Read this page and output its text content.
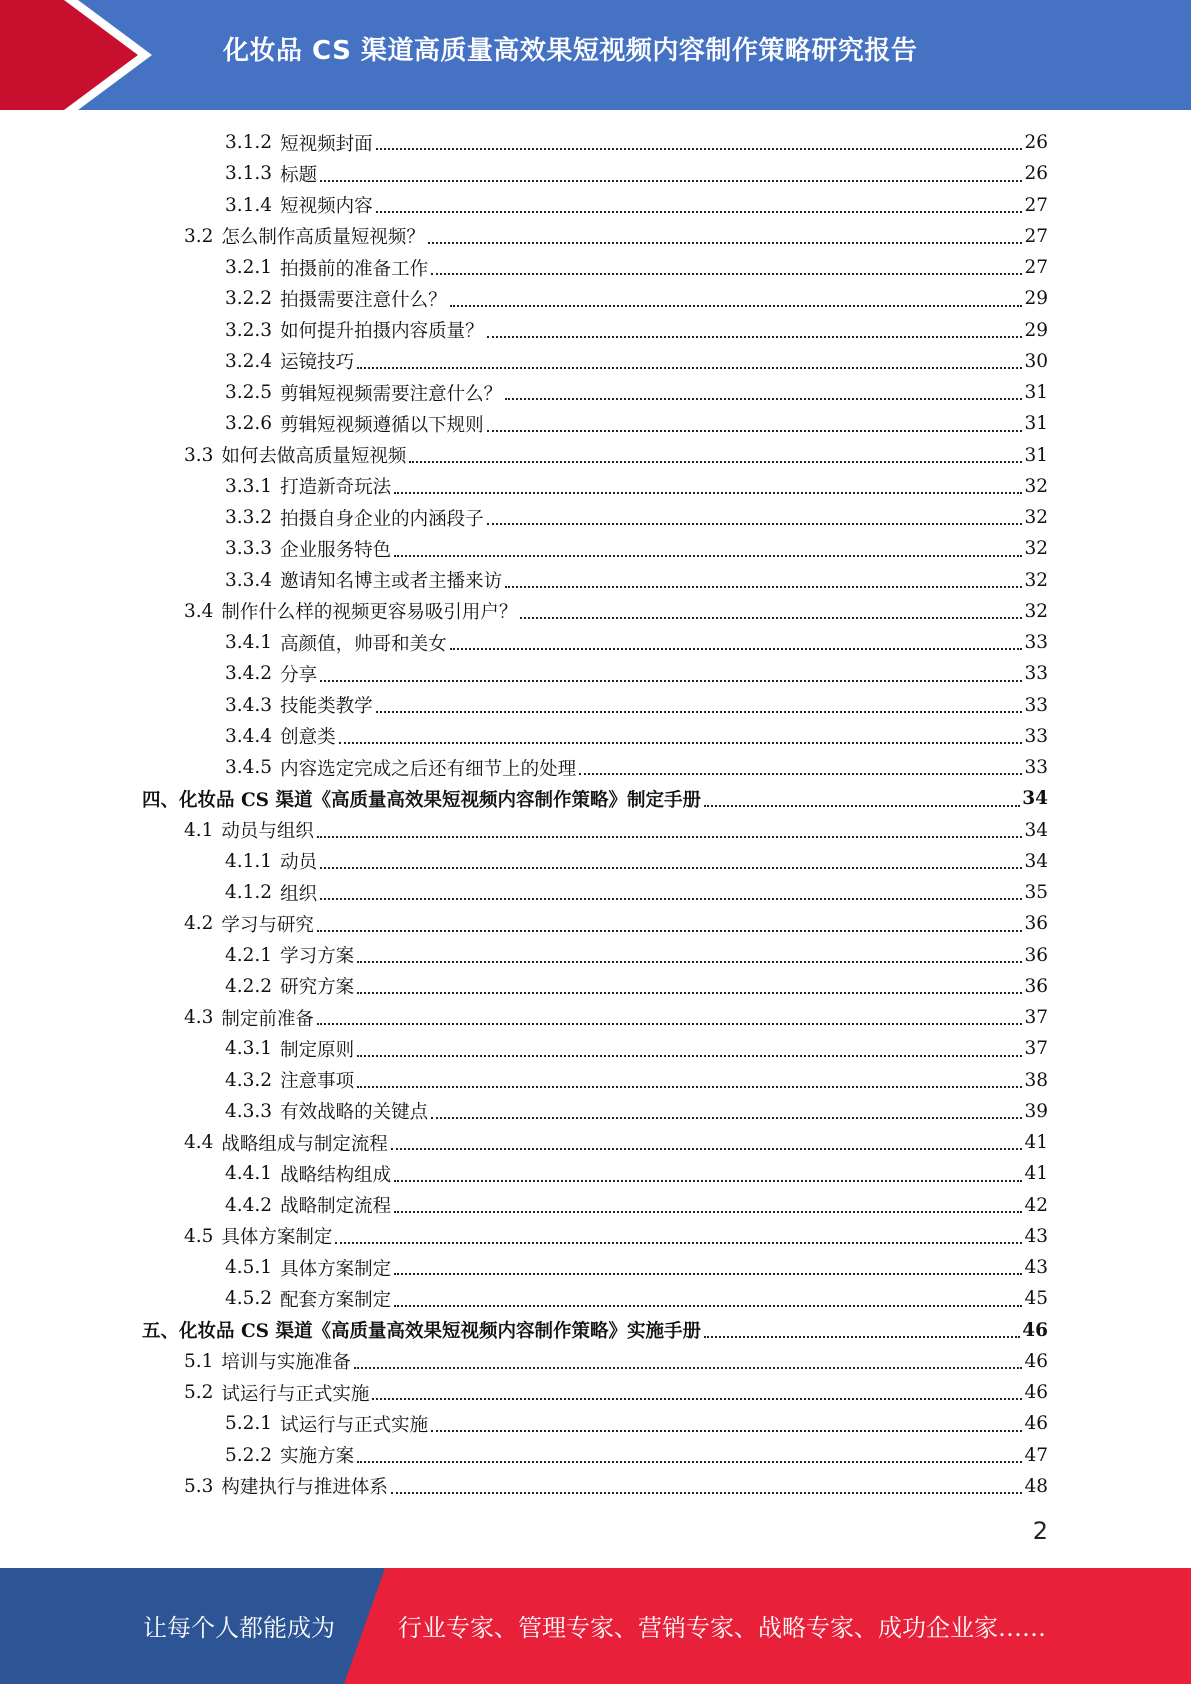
化妆品 CS 渠道高质量高效果短视频内容制作策略研究报告
3.1.2 短视频封面	26
3.1.3 标题	26
3.1.4 短视频内容	27
3.2 怎么制作高质量短视频？	27
3.2.1 拍摄前的准备工作	27
3.2.2 拍摄需要注意什么？	29
3.2.3 如何提升拍摄内容质量？	29
3.2.4 运镜技巧	30
3.2.5 剪辑短视频需要注意什么？	31
3.2.6 剪辑短视频遵循以下规则	31
3.3 如何去做高质量短视频	31
3.3.1 打造新奇玩法	32
3.3.2 拍摄自身企业的内涵段子	32
3.3.3 企业服务特色	32
3.3.4 邀请知名博主或者主播来访	32
3.4 制作什么样的视频更容易吸引用户？	32
3.4.1 高颜值，帅哥和美女	33
3.4.2 分享	33
3.4.3 技能类教学	33
3.4.4 创意类	33
3.4.5 内容选定完成之后还有细节上的处理	33
四、化妆品 CS 渠道《高质量高效果短视频内容制作策略》制定手册	34
4.1 动员与组织	34
4.1.1 动员	34
4.1.2 组织	35
4.2 学习与研究	36
4.2.1 学习方案	36
4.2.2 研究方案	36
4.3 制定前准备	37
4.3.1 制定原则	37
4.3.2 注意事项	38
4.3.3 有效战略的关键点	39
4.4 战略组成与制定流程	41
4.4.1 战略结构组成	41
4.4.2 战略制定流程	42
4.5 具体方案制定	43
4.5.1 具体方案制定	43
4.5.2 配套方案制定	45
五、化妆品 CS 渠道《高质量高效果短视频内容制作策略》实施手册	46
5.1 培训与实施准备	46
5.2 试运行与正式实施	46
5.2.1 试运行与正式实施	46
5.2.2 实施方案	47
5.3 构建执行与推进体系	48
2
让每个人都能成为	行业专家、管理专家、营销专家、战略专家、成功企业家……
